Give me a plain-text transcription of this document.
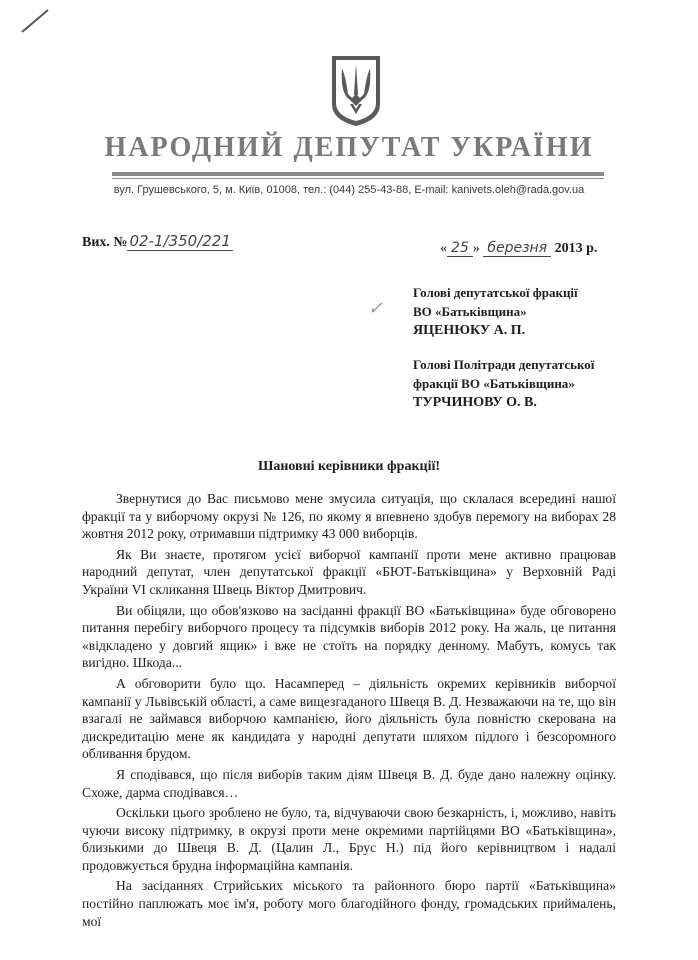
НАРОДНИЙ ДЕПУТАТ УКРАЇНИ
вул. Грушевського, 5, м. Київ, 01008, тел.: (044) 255-43-88, E-mail: kanivets.oleh@rada.gov.ua
Вих. № 02-1/350/221	« 25 » березня 2013 р.
✓
Голові депутатської фракції
ВО «Батьківщина»
ЯЦЕНЮКУ А. П.
Голові Політради депутатської
фракції ВО «Батьківщина»
ТУРЧИНОВУ О. В.
Шановні керівники фракції!

Звернутися до Вас письмово мене змусила ситуація, що склалася всередині нашої фракції та у виборчому окрузі № 126, по якому я впевнено здобув перемогу на виборах 28 жовтня 2012 року, отримавши підтримку 43 000 виборців.

Як Ви знаєте, протягом усієї виборчої кампанії проти мене активно працював народний депутат, член депутатської фракції «БЮТ-Батьківщина» у Верховній Раді України VI скликання Швець Віктор Дмитрович.

Ви обіцяли, що обов'язково на засіданні фракції ВО «Батьківщина» буде обговорено питання перебігу виборчого процесу та підсумків виборів 2012 року. На жаль, це питання «відкладено у довгий ящик» і вже не стоїть на порядку денному. Мабуть, комусь так вигідно. Шкода...

А обговорити було що. Насамперед – діяльність окремих керівників виборчої кампанії у Львівській області, а саме вищезгаданого Швеця В. Д. Незважаючи на те, що він взагалі не займався виборчою кампанією, його діяльність була повністю скерована на дискредитацію мене як кандидата у народні депутати шляхом підлого і безсоромного обливання брудом.

Я сподівався, що після виборів таким діям Швеця В. Д. буде дано належну оцінку. Схоже, дарма сподівався…

Оскільки цього зроблено не було, та, відчуваючи свою безкарність, і, можливо, навіть чуючи високу підтримку, в окрузі проти мене окремими партійцями ВО «Батьківщина», близькими до Швеця В. Д. (Цалин Л., Брус Н.) під його керівництвом і надалі продовжується брудна інформаційна кампанія.

На засіданнях Стрийських міського та районного бюро партії «Батьківщина» постійно паплюжать моє ім'я, роботу мого благодійного фонду, громадських приймалень, мої
